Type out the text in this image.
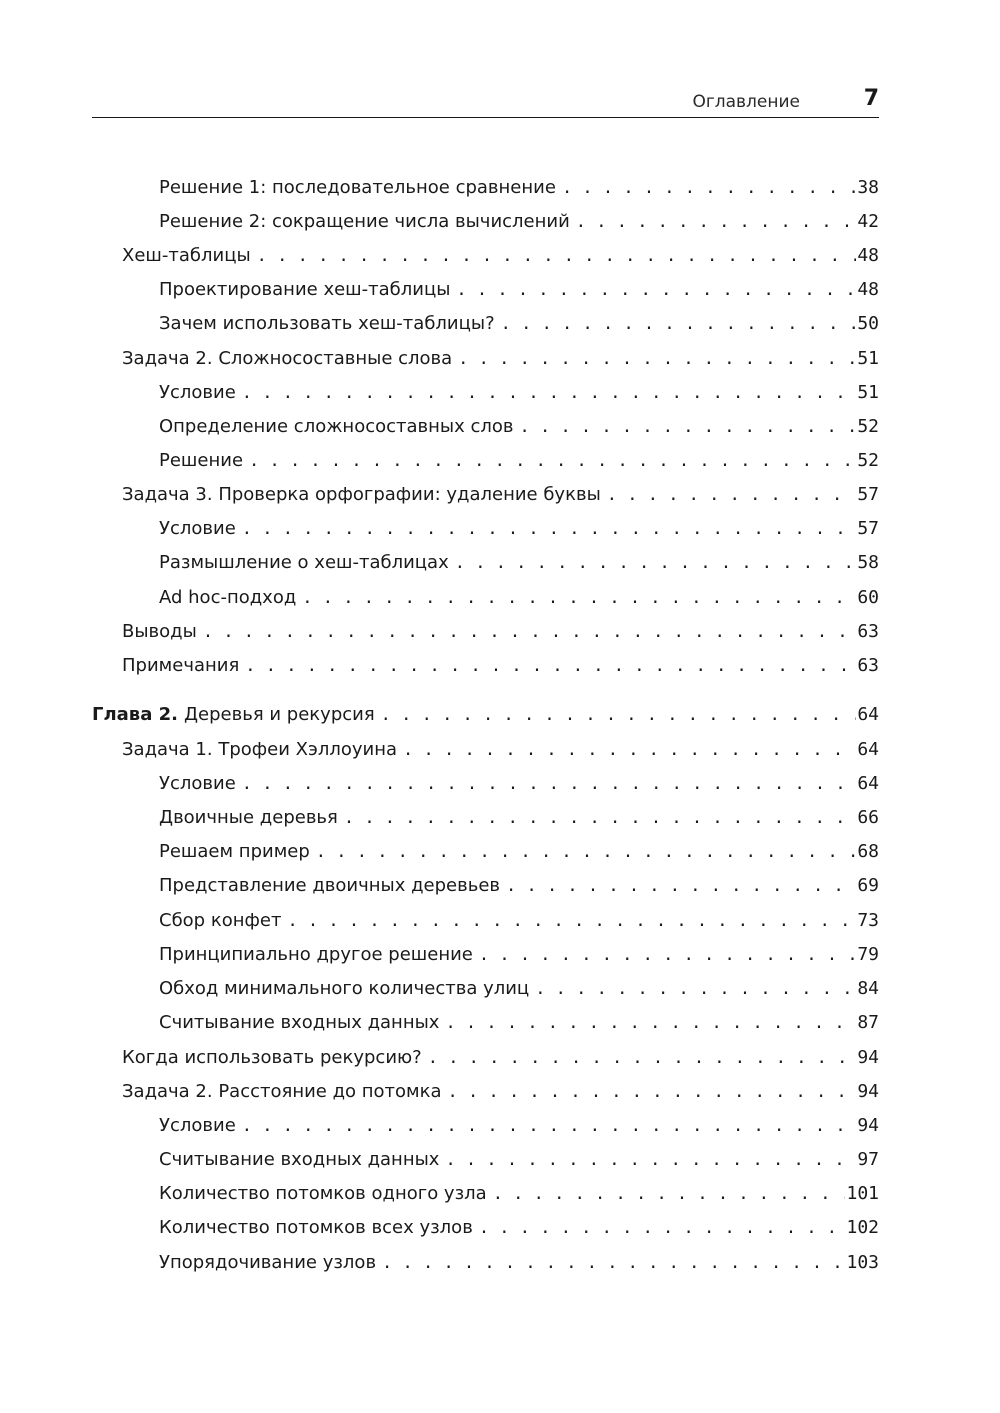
Оглавление	7
Решение 1: последовательное сравнение . . .	38
Решение 2: сокращение числа вычислений . . .	42
Хеш-таблицы . . .	48
Проектирование хеш-таблицы . . .	48
Зачем использовать хеш-таблицы? . . .	50
Задача 2. Сложносоставные слова . . .	51
Условие . . .	51
Определение сложносоставных слов . . .	52
Решение . . .	52
Задача 3. Проверка орфографии: удаление буквы . . .	57
Условие . . .	57
Размышление о хеш-таблицах . . .	58
Ad hoc-подход . . .	60
Выводы . . .	63
Примечания . . .	63
Глава 2. Деревья и рекурсия . . .	64
Задача 1. Трофеи Хэллоуина . . .	64
Условие . . .	64
Двоичные деревья . . .	66
Решаем пример . . .	68
Представление двоичных деревьев . . .	69
Сбор конфет . . .	73
Принципиально другое решение . . .	79
Обход минимального количества улиц . . .	84
Считывание входных данных . . .	87
Когда использовать рекурсию? . . .	94
Задача 2. Расстояние до потомка . . .	94
Условие . . .	94
Считывание входных данных . . .	97
Количество потомков одного узла . . .	101
Количество потомков всех узлов . . .	102
Упорядочивание узлов . . .	103
